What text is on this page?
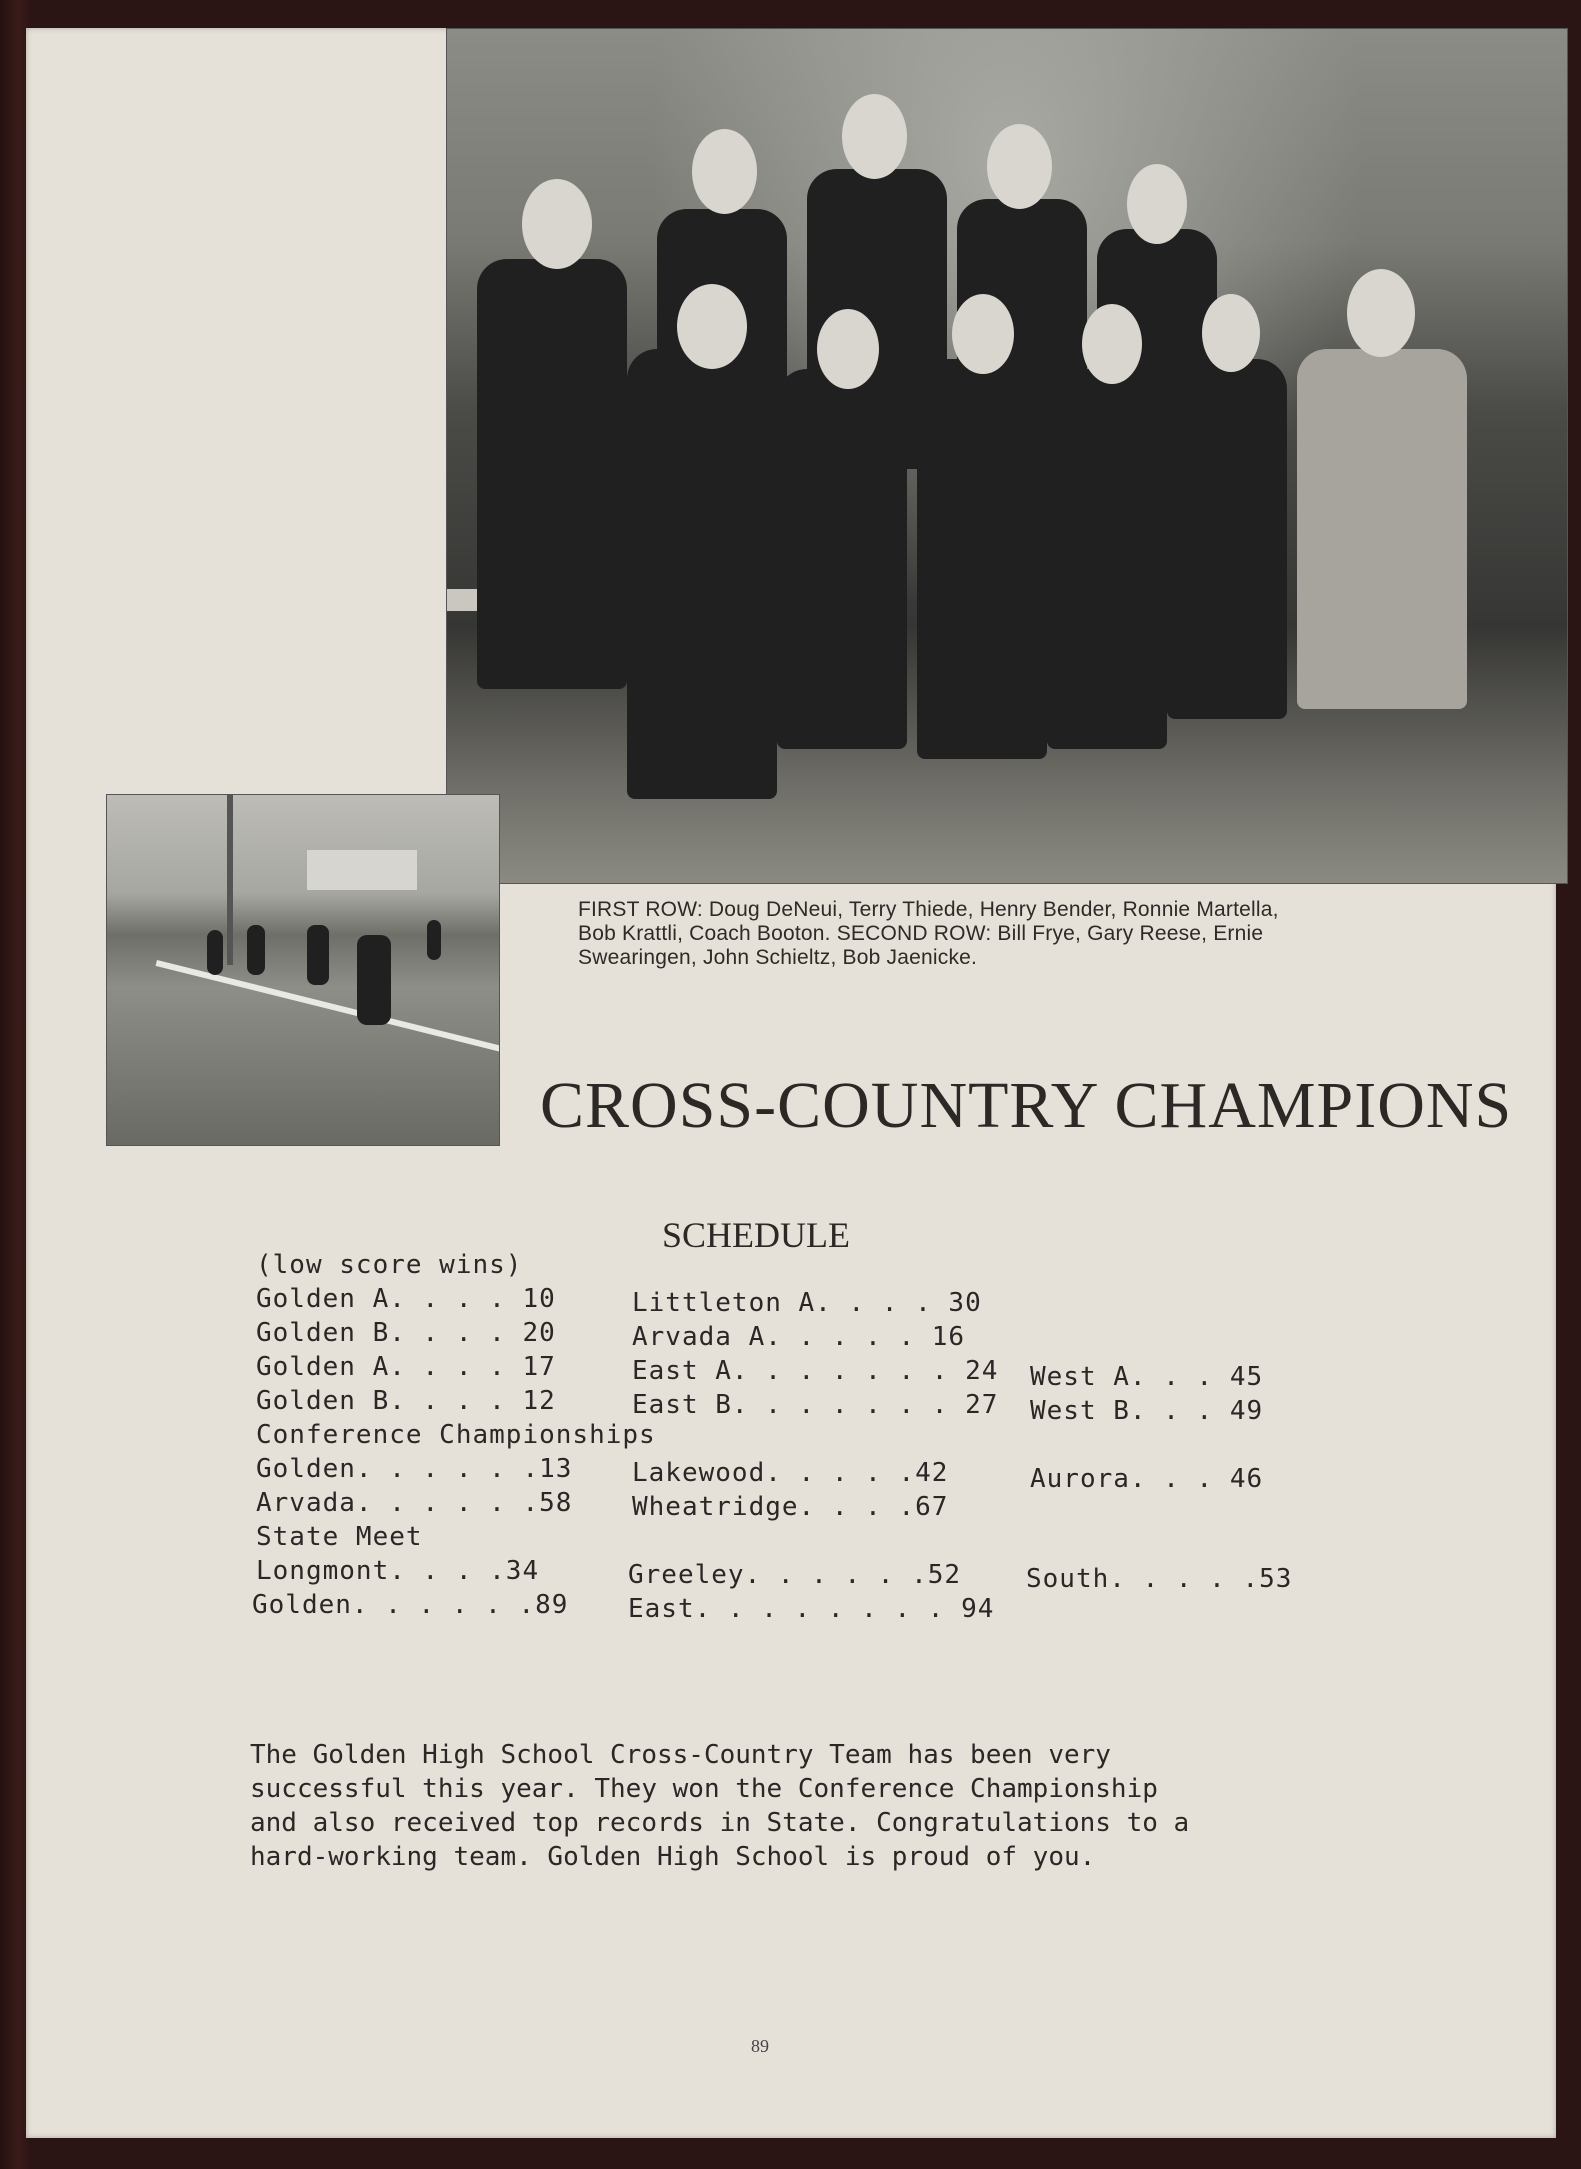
FIRST ROW: Doug DeNeui, Terry Thiede, Henry Bender, Ronnie Martella,
Bob Krattli, Coach Booton. SECOND ROW: Bill Frye, Gary Reese, Ernie
Swearingen, John Schieltz, Bob Jaenicke.
CROSS-COUNTRY CHAMPIONS
SCHEDULE
(low score wins)
Golden A. . . . 10	Littleton A. . . . 30
Golden B. . . . 20	Arvada A. . . . . 16
Golden A. . . . 17	East A. . . . . . . 24 West A. . . 45
Golden B. . . . 12	East B. . . . . . . 27 West B. . . 49
Conference Championships
Golden. . . . . .13 Lakewood. . . . .42	Aurora. . . 46
Arvada. . . . . .58 Wheatridge. . . .67
State Meet
Longmont. . . .34	Greeley. . . . . .52 South. . . . .53
Golden. . . . . .89 East. . . . . . . . 94
The Golden High School Cross-Country Team has been very
successful this year. They won the Conference Championship
and also received top records in State. Congratulations to a
hard-working team. Golden High School is proud of you.
89
